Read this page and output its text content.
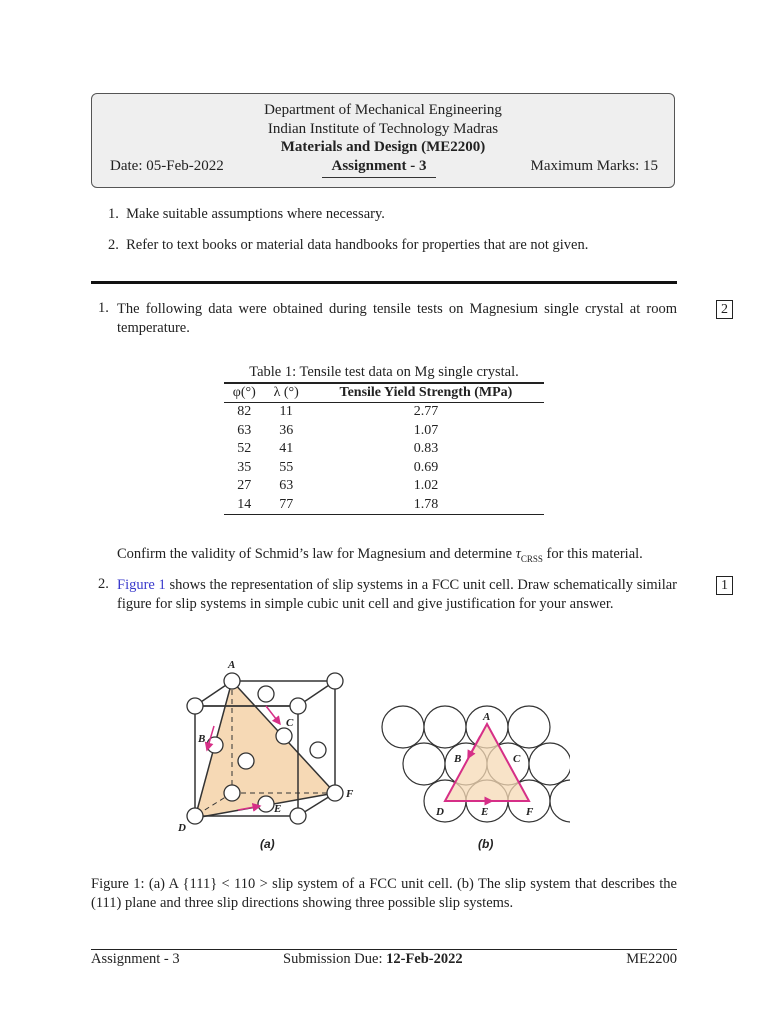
Department of Mechanical Engineering
Indian Institute of Technology Madras
Materials and Design (ME2200)
Date: 05-Feb-2022	Assignment - 3	Maximum Marks: 15
1. Make suitable assumptions where necessary.
2. Refer to text books or material data handbooks for properties that are not given.
1. The following data were obtained during tensile tests on Magnesium single crystal at room temperature.
2
Table 1: Tensile test data on Mg single crystal.
φ(°)	λ (°)	Tensile Yield Strength (MPa)
82	11	2.77
63	36	1.07
52	41	0.83
35	55	0.69
27	63	1.02
14	77	1.78
Confirm the validity of Schmid’s law for Magnesium and determine $\tau_{CRSS}$ for this material.
2. Figure 1 shows the representation of slip systems in a FCC unit cell. Draw schematically similar figure for slip systems in simple cubic unit cell and give justification for your answer.
1
A
B
C
D
E
F
(a)
A
B	C
D	E	F
(b)
Figure 1: (a) A {111} < 110 > slip system of a FCC unit cell. (b) The slip system that describes the (111) plane and three slip directions showing three possible slip systems.
Assignment - 3	Submission Due: 12-Feb-2022	ME2200
